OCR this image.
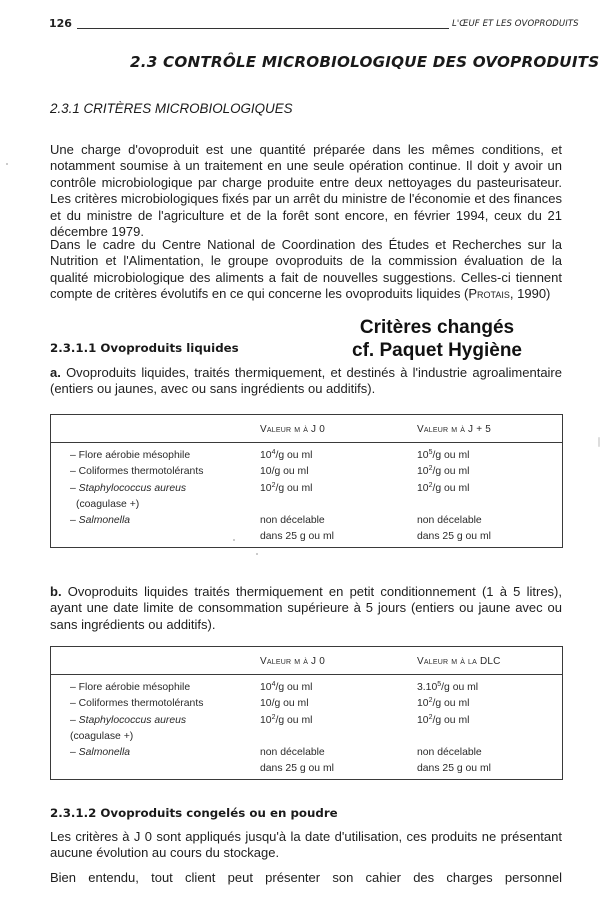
126	L'ŒUF ET LES OVOPRODUITS
2.3 CONTRÔLE MICROBIOLOGIQUE DES OVOPRODUITS
2.3.1 CRITÈRES MICROBIOLOGIQUES
Une charge d'ovoproduit est une quantité préparée dans les mêmes conditions, et notamment soumise à un traitement en une seule opération continue. Il doit y avoir un contrôle microbiologique par charge produite entre deux nettoyages du pasteurisateur. Les critères microbiologiques fixés par un arrêt du ministre de l'économie et des finances et du ministre de l'agriculture et de la forêt sont encore, en février 1994, ceux du 21 décembre 1979.
Dans le cadre du Centre National de Coordination des Études et Recherches sur la Nutrition et l'Alimentation, le groupe ovoproduits de la commission évaluation de la qualité microbiologique des aliments a fait de nouvelles suggestions. Celles-ci tiennent compte de critères évolutifs en ce qui concerne les ovoproduits liquides (Protais, 1990)
Critères changés
cf. Paquet Hygiène
2.3.1.1 Ovoproduits liquides
a. Ovoproduits liquides, traités thermiquement, et destinés à l'industrie agroalimentaire (entiers ou jaunes, avec ou sans ingrédients ou additifs).
Valeur m à J 0	Valeur m à J + 5
– Flore aérobie mésophile	$10^4/g$ ou ml	$10^5/g$ ou ml
– Coliformes thermotolérants	10/g ou ml	$10^2/g$ ou ml
– Staphylococcus aureus	$10^2/g$ ou ml	$10^2/g$ ou ml
(coagulase +)
– Salmonella	non décelable	non décelable
dans 25 g ou ml	dans 25 g ou ml
b. Ovoproduits liquides traités thermiquement en petit conditionnement (1 à 5 litres), ayant une date limite de consommation supérieure à 5 jours (entiers ou jaune avec ou sans ingrédients ou additifs).
Valeur m à J 0	Valeur m à la DLC
– Flore aérobie mésophile	$10^4/g$ ou ml	3.10$^5$/g ou ml
– Coliformes thermotolérants	10/g ou ml	$10^2/g$ ou ml
– Staphylococcus aureus	$10^2/g$ ou ml	$10^2/g$ ou ml
(coagulase +)
– Salmonella	non décelable	non décelable
dans 25 g ou ml	dans 25 g ou ml
2.3.1.2 Ovoproduits congelés ou en poudre
Les critères à J 0 sont appliqués jusqu'à la date d'utilisation, ces produits ne présentant aucune évolution au cours du stockage.
Bien entendu, tout client peut présenter son cahier des charges personnel
